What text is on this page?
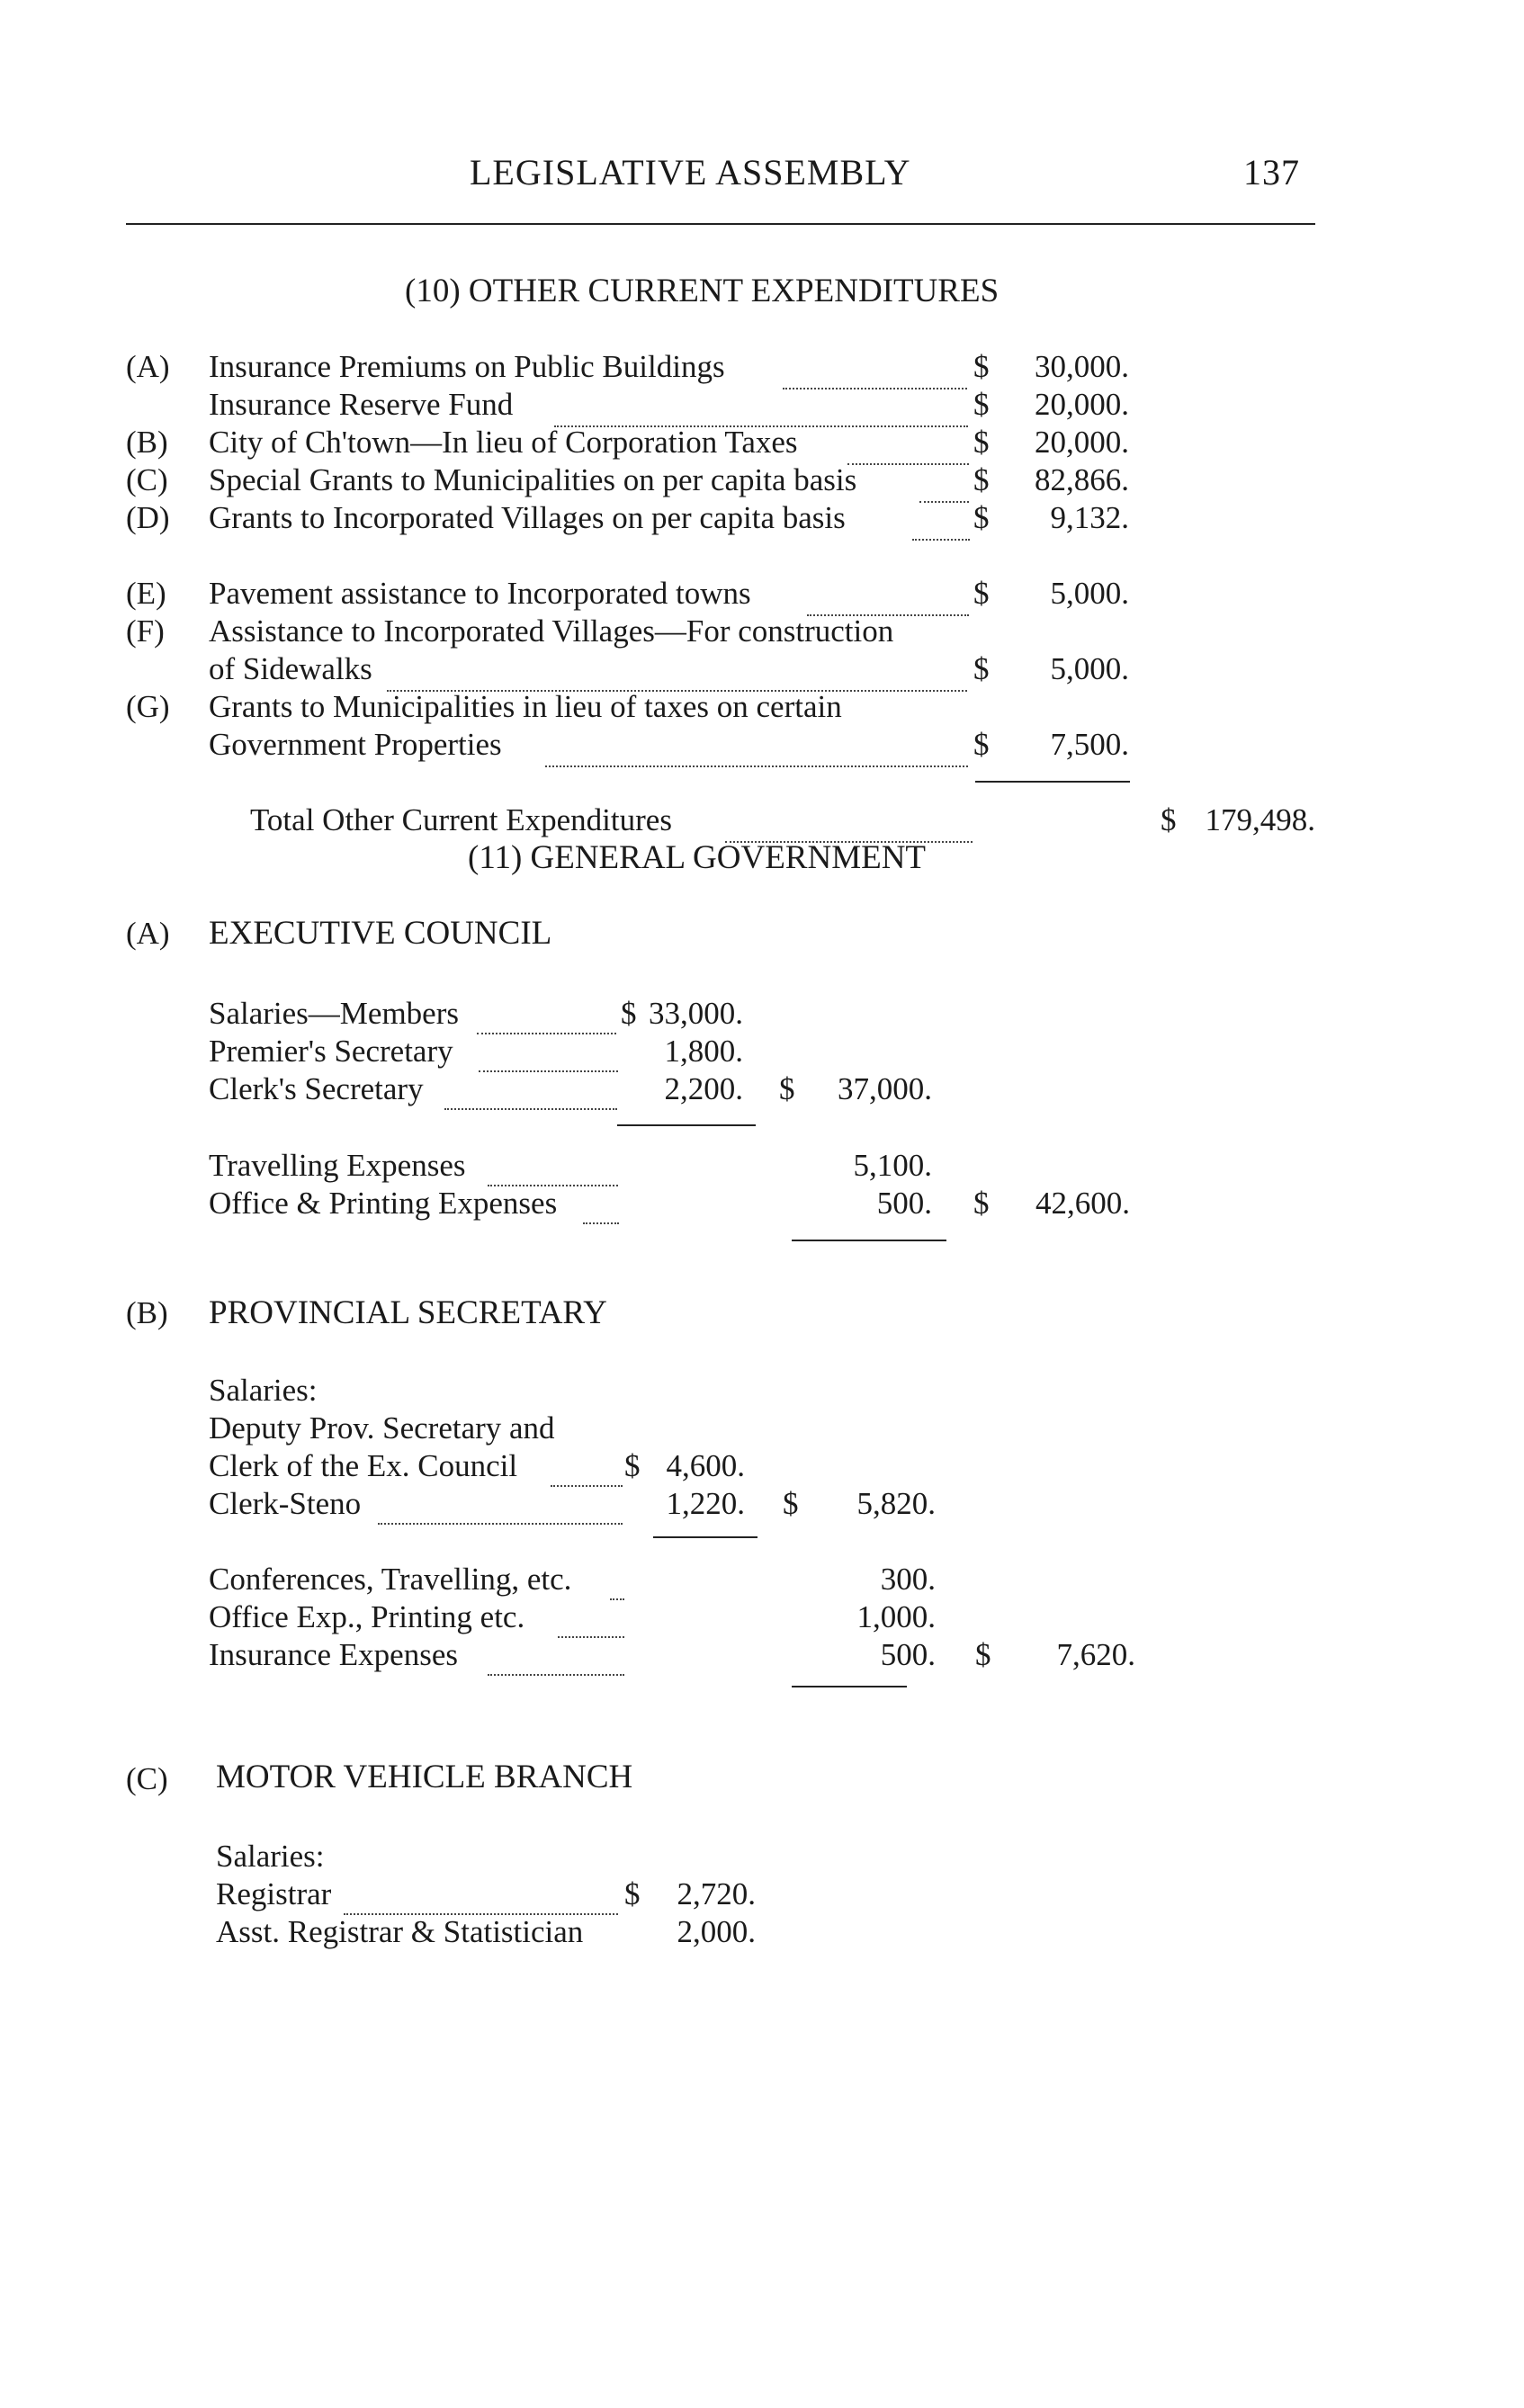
LEGISLATIVE ASSEMBLY	137
(10) OTHER CURRENT EXPENDITURES
(A) Insurance Premiums on Public Buildings	$	30,000.
Insurance Reserve Fund	$	20,000.
(B) City of Ch'town—In lieu of Corporation Taxes	$	20,000.
(C) Special Grants to Municipalities on per capita basis	$	82,866.
(D) Grants to Incorporated Villages on per capita basis	$	9,132.
(E) Pavement assistance to Incorporated towns	$	5,000.
(F) Assistance to Incorporated Villages—For construction
of Sidewalks	$	5,000.
(G) Grants to Municipalities in lieu of taxes on certain
Government Properties	$	7,500.
Total Other Current Expenditures	$ 179,498.
(11) GENERAL GOVERNMENT
(A) EXECUTIVE COUNCIL
Salaries—Members	$ 33,000.
Premier's Secretary	1,800.
Clerk's Secretary	2,200. $	37,000.
Travelling Expenses	5,100.
Office & Printing Expenses	500. $	42,600.
(B) PROVINCIAL SECRETARY
Salaries:
Deputy Prov. Secretary and
Clerk of the Ex. Council	$ 4,600.
Clerk-Steno	1,220. $	5,820.
Conferences, Travelling, etc.	300.
Office Exp., Printing etc.	1,000.
Insurance Expenses	500. $	7,620.
(C) MOTOR VEHICLE BRANCH
Salaries:
Registrar	$	2,720.
Asst. Registrar & Statistician	2,000.
